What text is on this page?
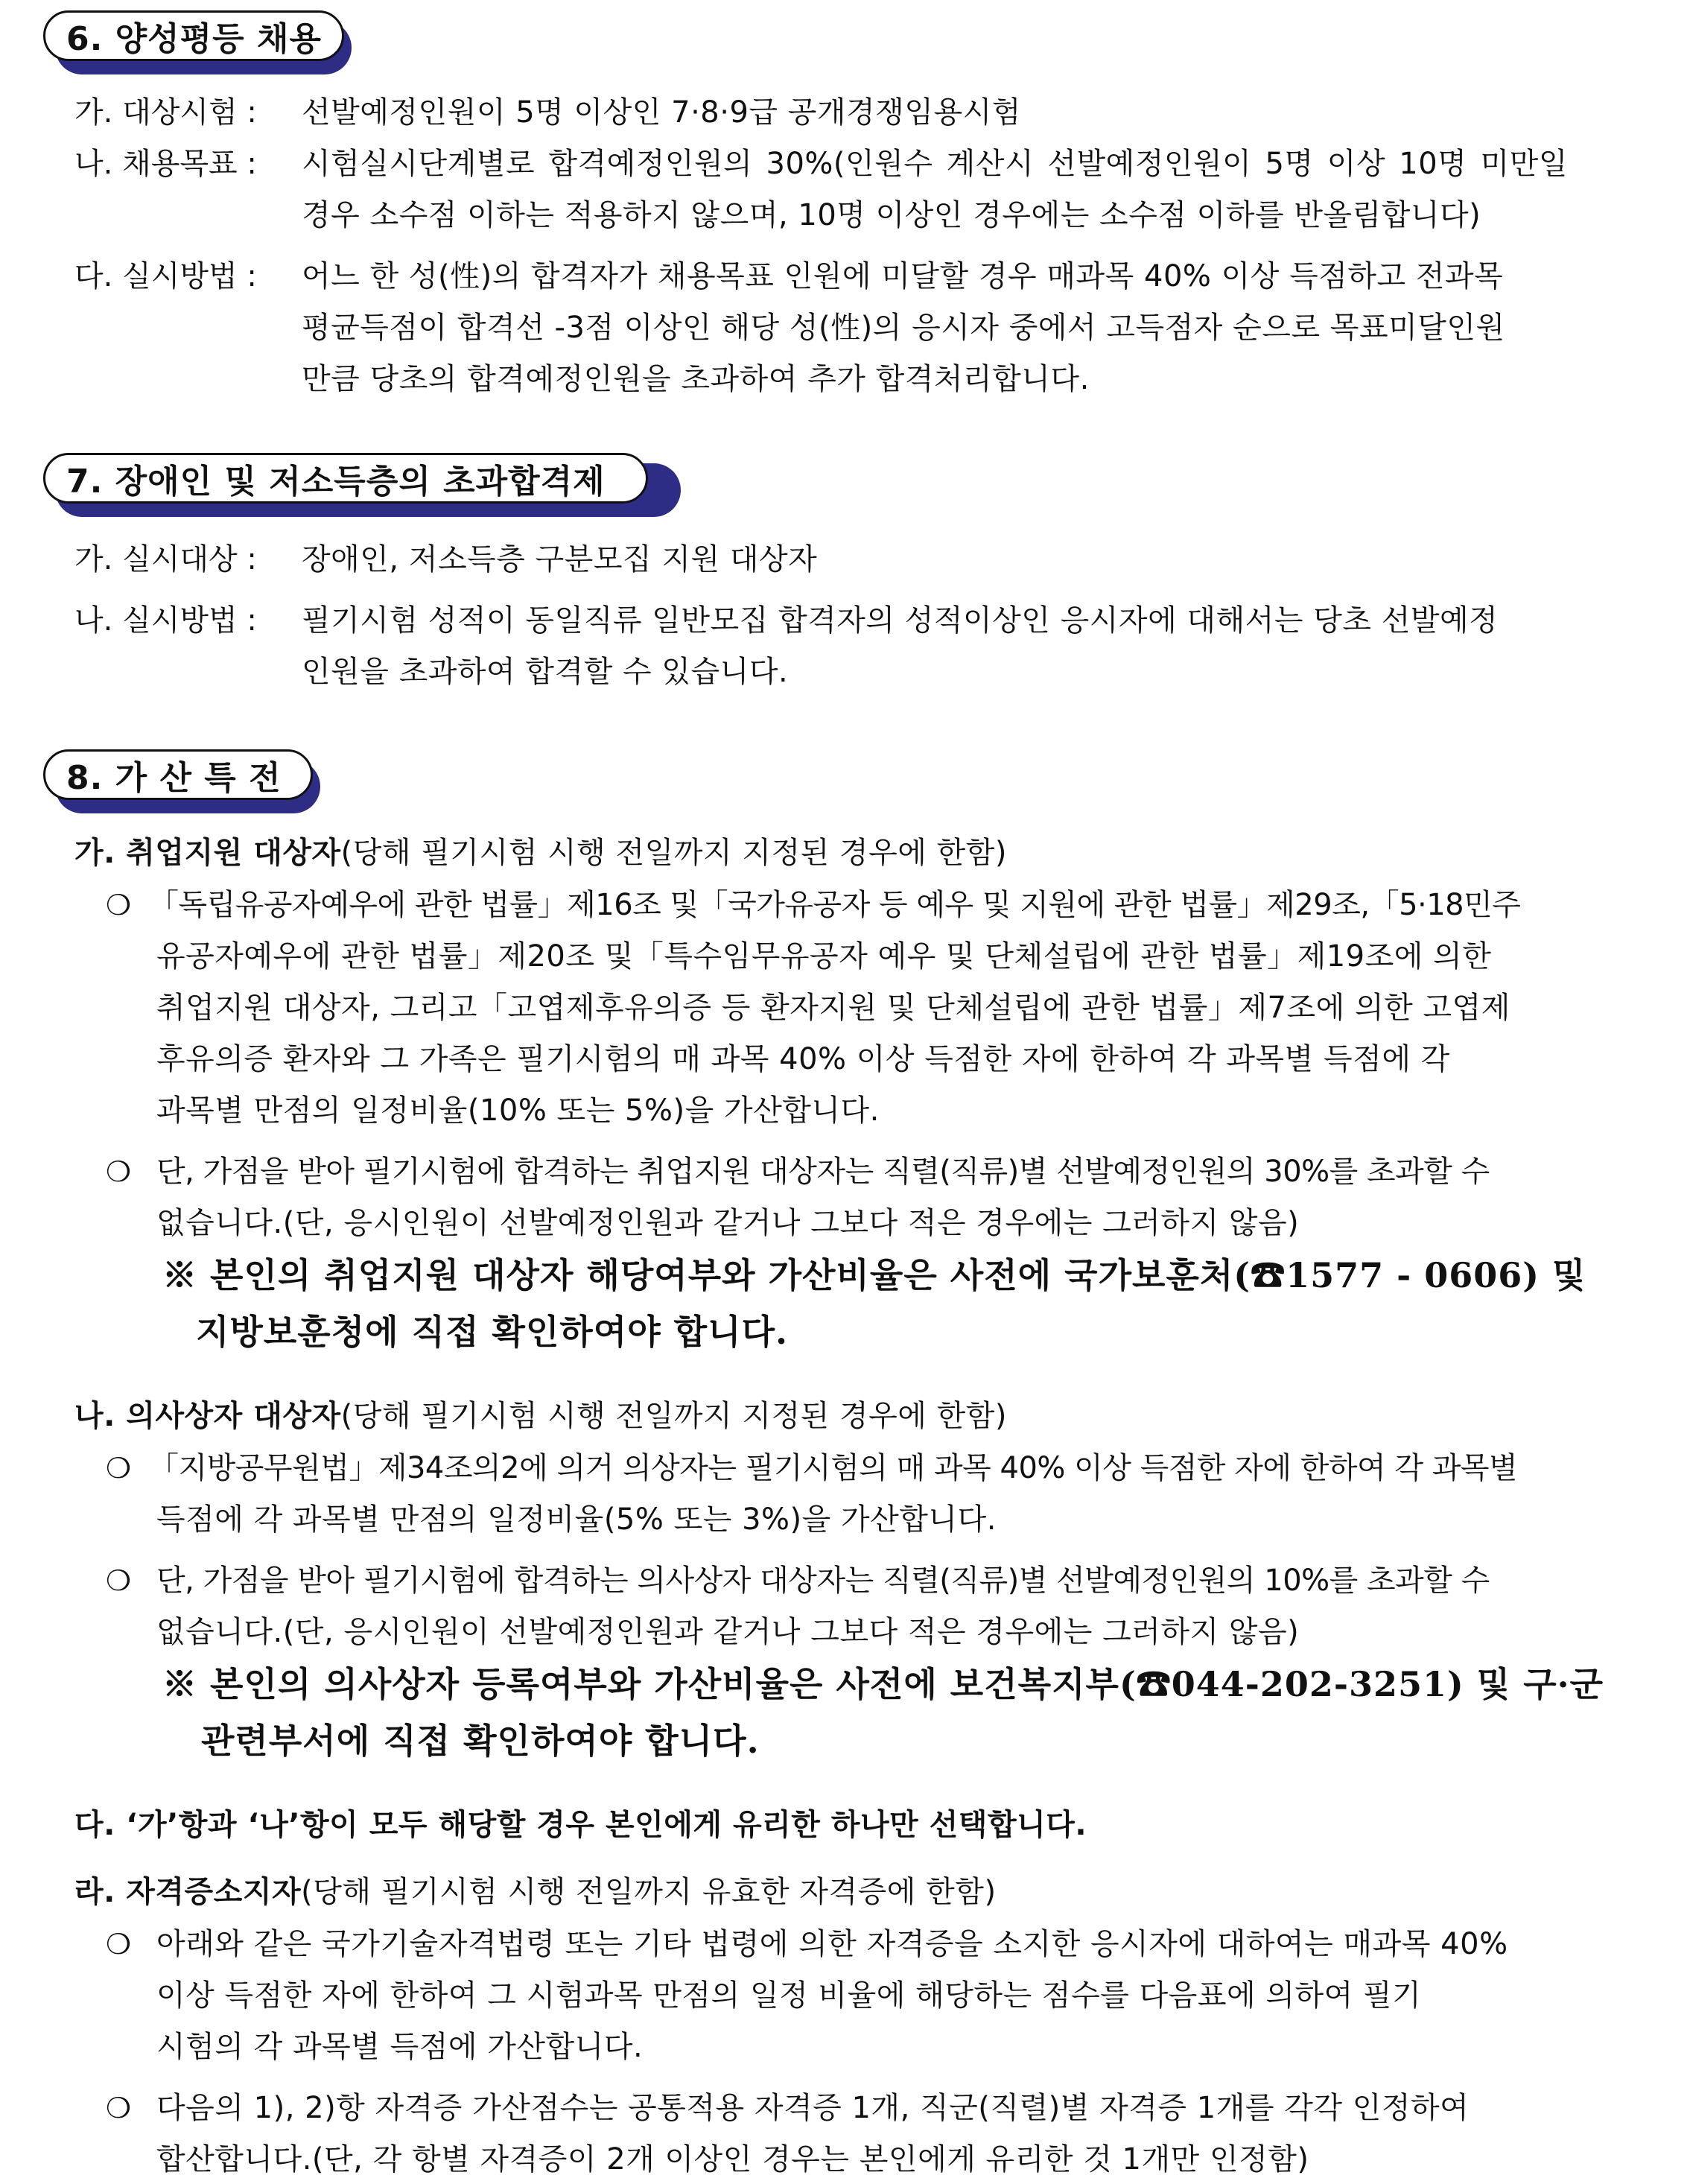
6. 양성평등 채용
가. 대상시험 : 선발예정인원이 5명 이상인 7·8·9급 공개경쟁임용시험
나. 채용목표 : 시험실시단계별로 합격예정인원의 30%(인원수 계산시 선발예정인원이 5명 이상 10명 미만일
경우 소수점 이하는 적용하지 않으며, 10명 이상인 경우에는 소수점 이하를 반올림합니다)
다. 실시방법 : 어느 한 성(性)의 합격자가 채용목표 인원에 미달할 경우 매과목 40% 이상 득점하고 전과목
평균득점이 합격선 -3점 이상인 해당 성(性)의 응시자 중에서 고득점자 순으로 목표미달인원
만큼 당초의 합격예정인원을 초과하여 추가 합격처리합니다.
7. 장애인 및 저소득층의 초과합격제
가. 실시대상 : 장애인, 저소득층 구분모집 지원 대상자
나. 실시방법 : 필기시험 성적이 동일직류 일반모집 합격자의 성적이상인 응시자에 대해서는 당초 선발예정
인원을 초과하여 합격할 수 있습니다.
8. 가 산 특 전
가. 취업지원 대상자(당해 필기시험 시행 전일까지 지정된 경우에 한함)
❍ 「독립유공자예우에 관한 법률」제16조 및「국가유공자 등 예우 및 지원에 관한 법률」제29조,「5·18민주
유공자예우에 관한 법률」제20조 및「특수임무유공자 예우 및 단체설립에 관한 법률」제19조에 의한
취업지원 대상자, 그리고「고엽제후유의증 등 환자지원 및 단체설립에 관한 법률」제7조에 의한 고엽제
후유의증 환자와 그 가족은 필기시험의 매 과목 40% 이상 득점한 자에 한하여 각 과목별 득점에 각
과목별 만점의 일정비율(10% 또는 5%)을 가산합니다.
❍ 단, 가점을 받아 필기시험에 합격하는 취업지원 대상자는 직렬(직류)별 선발예정인원의 30%를 초과할 수
없습니다.(단, 응시인원이 선발예정인원과 같거나 그보다 적은 경우에는 그러하지 않음)
※ 본인의 취업지원 대상자 해당여부와 가산비율은 사전에 국가보훈처(☎1577 - 0606) 및
지방보훈청에 직접 확인하여야 합니다.
나. 의사상자 대상자(당해 필기시험 시행 전일까지 지정된 경우에 한함)
❍ 「지방공무원법」제34조의2에 의거 의상자는 필기시험의 매 과목 40% 이상 득점한 자에 한하여 각 과목별
득점에 각 과목별 만점의 일정비율(5% 또는 3%)을 가산합니다.
❍ 단, 가점을 받아 필기시험에 합격하는 의사상자 대상자는 직렬(직류)별 선발예정인원의 10%를 초과할 수
없습니다.(단, 응시인원이 선발예정인원과 같거나 그보다 적은 경우에는 그러하지 않음)
※ 본인의 의사상자 등록여부와 가산비율은 사전에 보건복지부(☎044-202-3251) 및 구·군
관련부서에 직접 확인하여야 합니다.
다. ‘가’항과 ‘나’항이 모두 해당할 경우 본인에게 유리한 하나만 선택합니다.
라. 자격증소지자(당해 필기시험 시행 전일까지 유효한 자격증에 한함)
❍ 아래와 같은 국가기술자격법령 또는 기타 법령에 의한 자격증을 소지한 응시자에 대하여는 매과목 40%
이상 득점한 자에 한하여 그 시험과목 만점의 일정 비율에 해당하는 점수를 다음표에 의하여 필기
시험의 각 과목별 득점에 가산합니다.
❍ 다음의 1), 2)항 자격증 가산점수는 공통적용 자격증 1개, 직군(직렬)별 자격증 1개를 각각 인정하여
합산합니다.(단, 각 항별 자격증이 2개 이상인 경우는 본인에게 유리한 것 1개만 인정함)
